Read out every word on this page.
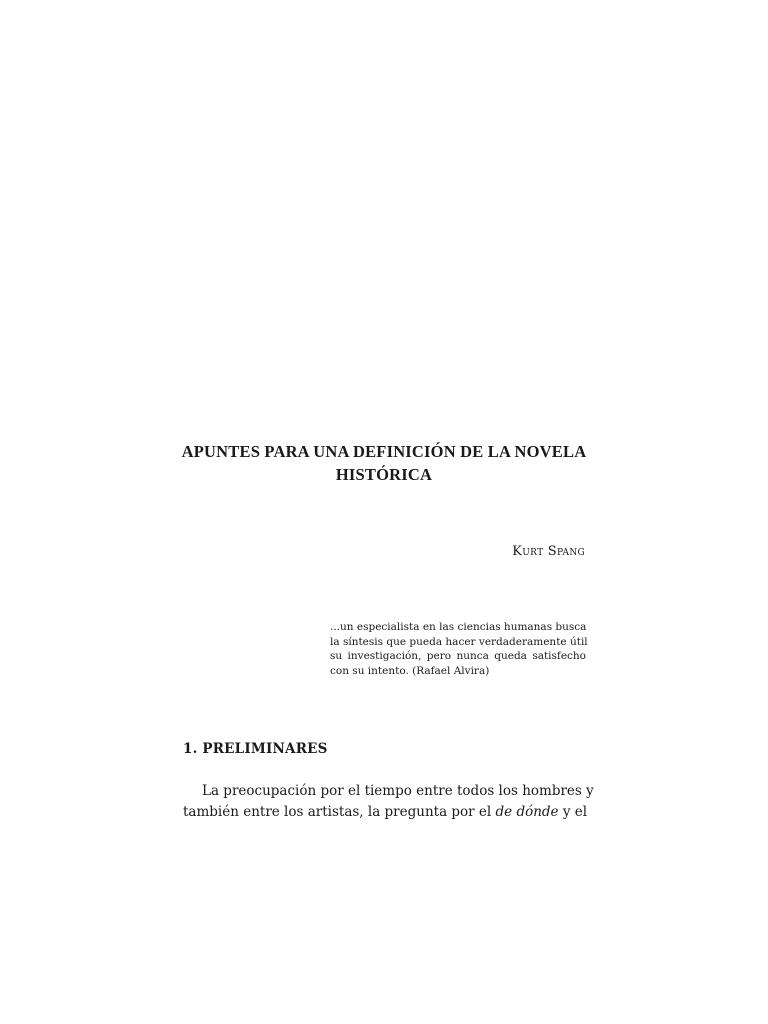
APUNTES PARA UNA DEFINICIÓN DE LA NOVELA
HISTÓRICA

Kurt Spang

...un especialista en las ciencias humanas busca
la síntesis que pueda hacer verdaderamente útil
su investigación, pero nunca queda satisfecho
con su intento. (Rafael Alvira)
1. PRELIMINARES

La preocupación por el tiempo entre todos los hombres y
también entre los artistas, la pregunta por el de dónde y el
